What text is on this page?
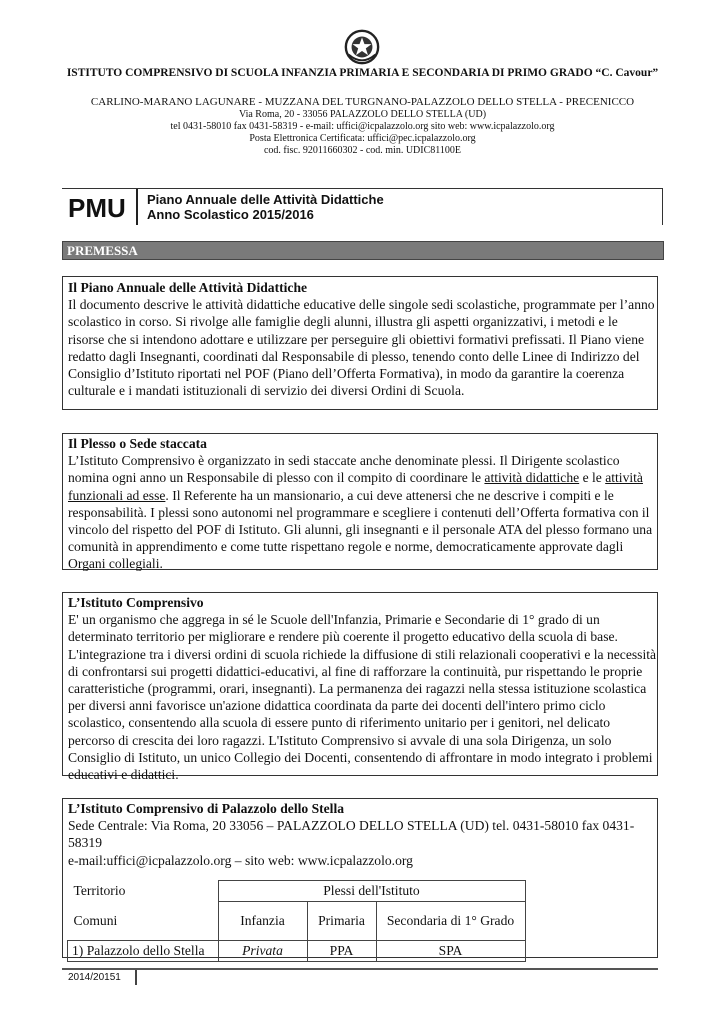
ISTITUTO COMPRENSIVO DI SCUOLA INFANZIA PRIMARIA E SECONDARIA DI PRIMO GRADO “C. Cavour”
CARLINO-MARANO LAGUNARE - MUZZANA DEL TURGNANO-PALAZZOLO DELLO STELLA - PRECENICCO
Via Roma, 20 - 33056 PALAZZOLO DELLO STELLA (UD)
tel 0431-58010 fax 0431-58319 - e-mail: uffici@icpalazzolo.org sito web: www.icpalazzolo.org
Posta Elettronica Certificata: uffici@pec.icpalazzolo.org
cod. fisc. 92011660302 - cod. min. UDIC81100E
PMU	Piano Annuale delle Attività Didattiche
Anno Scolastico 2015/2016
PREMESSA
Il Piano Annuale delle Attività Didattiche
Il documento descrive le attività didattiche educative delle singole sedi scolastiche, programmate per l’anno scolastico in corso. Si rivolge alle famiglie degli alunni, illustra gli aspetti organizzativi, i metodi e le risorse che si intendono adottare e utilizzare per perseguire gli obiettivi formativi prefissati. Il Piano viene redatto dagli Insegnanti, coordinati dal Responsabile di plesso, tenendo conto delle Linee di Indirizzo del Consiglio d’Istituto riportati nel POF (Piano dell’Offerta Formativa), in modo da garantire la coerenza culturale e i mandati istituzionali di servizio dei diversi Ordini di Scuola.
Il Plesso o Sede staccata
L’Istituto Comprensivo è organizzato in sedi staccate anche denominate plessi. Il Dirigente scolastico nomina ogni anno un Responsabile di plesso con il compito di coordinare le attività didattiche e le attività funzionali ad esse. Il Referente ha un mansionario, a cui deve attenersi che ne descrive i compiti e le responsabilità. I plessi sono autonomi nel programmare e scegliere i contenuti dell’Offerta formativa con il vincolo del rispetto del POF di Istituto. Gli alunni, gli insegnanti e il personale ATA del plesso formano una comunità in apprendimento e come tutte rispettano regole e norme, democraticamente approvate dagli Organi collegiali.
L’Istituto Comprensivo
E' un organismo che aggrega in sé le Scuole dell'Infanzia, Primarie e Secondarie di 1° grado di un determinato territorio per migliorare e rendere più coerente il progetto educativo della scuola di base. L'integrazione tra i diversi ordini di scuola richiede la diffusione di stili relazionali cooperativi e la necessità di confrontarsi sui progetti didattici-educativi, al fine di rafforzare la continuità, pur rispettando le proprie caratteristiche (programmi, orari, insegnanti). La permanenza dei ragazzi nella stessa istituzione scolastica per diversi anni favorisce un'azione didattica coordinata da parte dei docenti dell'intero primo ciclo scolastico, consentendo alla scuola di essere punto di riferimento unitario per i genitori, nel delicato percorso di crescita dei loro ragazzi. L'Istituto Comprensivo si avvale di una sola Dirigenza, un solo Consiglio di Istituto, un unico Collegio dei Docenti, consentendo di affrontare in modo integrato i problemi educativi e didattici.
L’Istituto Comprensivo di Palazzolo dello Stella
Sede Centrale: Via Roma, 20 33056 – PALAZZOLO DELLO STELLA (UD) tel. 0431-58010 fax 0431-58319
e-mail:uffici@icpalazzolo.org – sito web: www.icpalazzolo.org
Territorio	Plessi dell'Istituto		
Comuni	Infanzia	Primaria	Secondaria di 1° Grado
1) Palazzolo dello Stella	Privata	PPA	SPA
2014/20151
